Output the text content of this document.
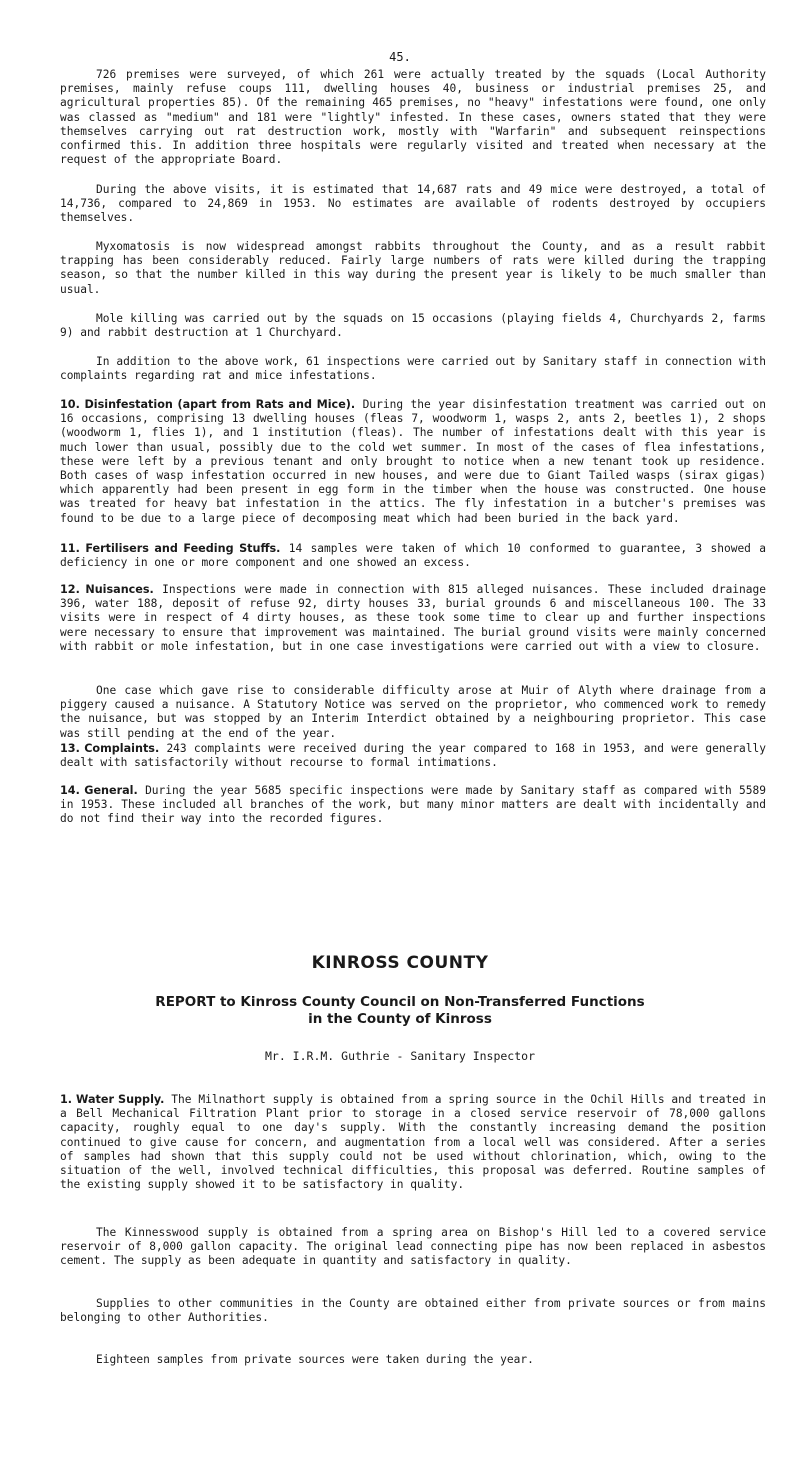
45.

726 premises were surveyed, of which 261 were actually treated by the squads (Local Authority premises, mainly refuse coups 111, dwelling houses 40, business or industrial premises 25, and agricultural properties 85). Of the remaining 465 premises, no "heavy" infestations were found, one only was classed as "medium" and 181 were "lightly" infested. In these cases, owners stated that they were themselves carrying out rat destruction work, mostly with "Warfarin" and subsequent reinspections confirmed this. In addition three hospitals were regularly visited and treated when necessary at the request of the appropriate Board.

During the above visits, it is estimated that 14,687 rats and 49 mice were destroyed, a total of 14,736, compared to 24,869 in 1953. No estimates are available of rodents destroyed by occupiers themselves.

Myxomatosis is now widespread amongst rabbits throughout the County, and as a result rabbit trapping has been considerably reduced. Fairly large numbers of rats were killed during the trapping season, so that the number killed in this way during the present year is likely to be much smaller than usual.

Mole killing was carried out by the squads on 15 occasions (playing fields 4, Churchyards 2, farms 9) and rabbit destruction at 1 Churchyard.

In addition to the above work, 61 inspections were carried out by Sanitary staff in connection with complaints regarding rat and mice infestations.

10. Disinfestation (apart from Rats and Mice). During the year disinfestation treatment was carried out on 16 occasions, comprising 13 dwelling houses (fleas 7, woodworm 1, wasps 2, ants 2, beetles 1), 2 shops (woodworm 1, flies 1), and 1 institution (fleas). The number of infestations dealt with this year is much lower than usual, possibly due to the cold wet summer. In most of the cases of flea infestations, these were left by a previous tenant and only brought to notice when a new tenant took up residence. Both cases of wasp infestation occurred in new houses, and were due to Giant Tailed wasps (sirax gigas) which apparently had been present in egg form in the timber when the house was constructed. One house was treated for heavy bat infestation in the attics. The fly infestation in a butcher's premises was found to be due to a large piece of decomposing meat which had been buried in the back yard.

11. Fertilisers and Feeding Stuffs. 14 samples were taken of which 10 conformed to guarantee, 3 showed a deficiency in one or more component and one showed an excess.

12. Nuisances. Inspections were made in connection with 815 alleged nuisances. These included drainage 396, water 188, deposit of refuse 92, dirty houses 33, burial grounds 6 and miscellaneous 100. The 33 visits were in respect of 4 dirty houses, as these took some time to clear up and further inspections were necessary to ensure that improvement was maintained. The burial ground visits were mainly concerned with rabbit or mole infestation, but in one case investigations were carried out with a view to closure.

One case which gave rise to considerable difficulty arose at Muir of Alyth where drainage from a piggery caused a nuisance. A Statutory Notice was served on the proprietor, who commenced work to remedy the nuisance, but was stopped by an Interim Interdict obtained by a neighbouring proprietor. This case was still pending at the end of the year.

13. Complaints. 243 complaints were received during the year compared to 168 in 1953, and were generally dealt with satisfactorily without recourse to formal intimations.

14. General. During the year 5685 specific inspections were made by Sanitary staff as compared with 5589 in 1953. These included all branches of the work, but many minor matters are dealt with incidentally and do not find their way into the recorded figures.

KINROSS COUNTY
REPORT to Kinross County Council on Non-Transferred Functions
in the County of Kinross
Mr. I.R.M. Guthrie - Sanitary Inspector

1. Water Supply. The Milnathort supply is obtained from a spring source in the Ochil Hills and treated in a Bell Mechanical Filtration Plant prior to storage in a closed service reservoir of 78,000 gallons capacity, roughly equal to one day's supply. With the constantly increasing demand the position continued to give cause for concern, and augmentation from a local well was considered. After a series of samples had shown that this supply could not be used without chlorination, which, owing to the situation of the well, involved technical difficulties, this proposal was deferred. Routine samples of the existing supply showed it to be satisfactory in quality.

The Kinnesswood supply is obtained from a spring area on Bishop's Hill led to a covered service reservoir of 8,000 gallon capacity. The original lead connecting pipe has now been replaced in asbestos cement. The supply as been adequate in quantity and satisfactory in quality.

Supplies to other communities in the County are obtained either from private sources or from mains belonging to other Authorities.

Eighteen samples from private sources were taken during the year.
